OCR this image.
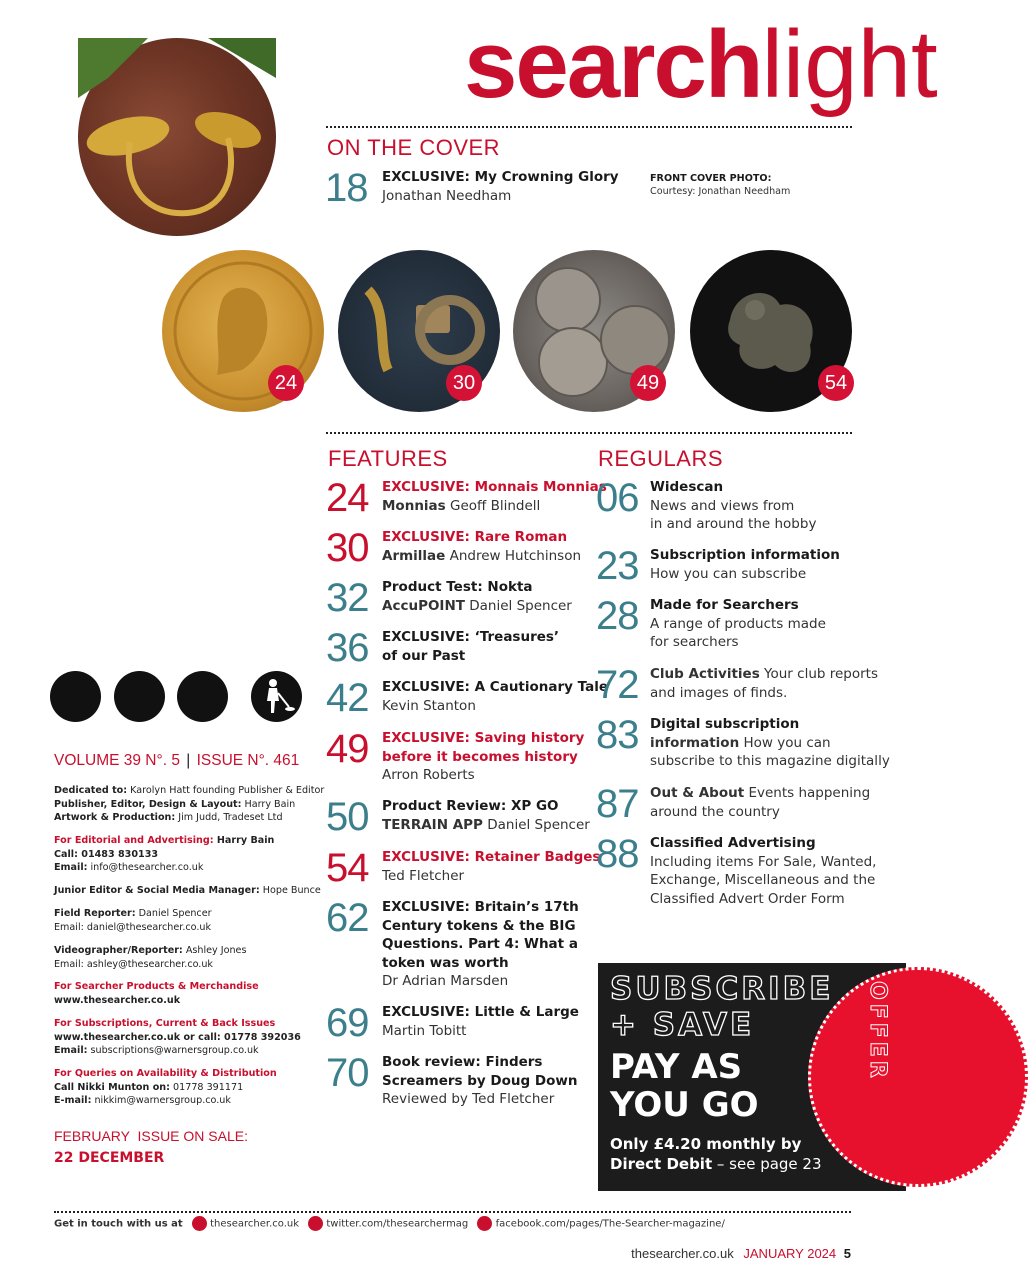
searchlight
ON THE COVER
18 EXCLUSIVE: My Crowning Glory
Jonathan Needham
FRONT COVER PHOTO:
Courtesy: Jonathan Needham
24	30	49	54
FEATURES
24 EXCLUSIVE: Monnais Monnias
Monnias Geoff Blindell
30 EXCLUSIVE: Rare Roman
Armillae Andrew Hutchinson
32 Product Test: Nokta
AccuPOINT Daniel Spencer
36 EXCLUSIVE: ‘Treasures’
of our Past
42 EXCLUSIVE: A Cautionary Tale
Kevin Stanton
49 EXCLUSIVE: Saving history
before it becomes history
Arron Roberts
50 Product Review: XP GO
TERRAIN APP Daniel Spencer
54 EXCLUSIVE: Retainer Badges
Ted Fletcher
62 EXCLUSIVE: Britain’s 17th
Century tokens & the BIG
Questions. Part 4: What a
token was worth
Dr Adrian Marsden
69 EXCLUSIVE: Little & Large
Martin Tobitt
70 Book review: Finders
Screamers by Doug Down
Reviewed by Ted Fletcher
REGULARS
06 Widescan
News and views from
in and around the hobby
23 Subscription information
How you can subscribe
28 Made for Searchers
A range of products made
for searchers
72 Club Activities Your club reports
and images of finds.
83 Digital subscription
information How you can
subscribe to this magazine digitally
87 Out & About Events happening
around the country
88 Classified Advertising
Including items For Sale, Wanted,
Exchange, Miscellaneous and the
Classified Advert Order Form
VOLUME 39 N°. 5 | ISSUE N°. 461
Dedicated to: Karolyn Hatt founding Publisher & Editor
Publisher, Editor, Design & Layout: Harry Bain
Artwork & Production: Jim Judd, Tradeset Ltd
For Editorial and Advertising: Harry Bain
Call: 01483 830133
Email: info@thesearcher.co.uk
Junior Editor & Social Media Manager: Hope Bunce
Field Reporter: Daniel Spencer
Email: daniel@thesearcher.co.uk
Videographer/Reporter: Ashley Jones
Email: ashley@thesearcher.co.uk
For Searcher Products & Merchandise
www.thesearcher.co.uk
For Subscriptions, Current & Back Issues
www.thesearcher.co.uk or call: 01778 392036
Email: subscriptions@warnersgroup.co.uk
For Queries on Availability & Distribution
Call Nikki Munton on: 01778 391171
E-mail: nikkim@warnersgroup.co.uk
FEBRUARY  ISSUE ON SALE:
22 DECEMBER
OFFER
SUBSCRIBE
+ SAVE
PAY AS
YOU GO
Only £4.20 monthly by
Direct Debit – see page 23
Get in touch with us at	thesearcher.co.uk	twitter.com/thesearchermag	facebook.com/pages/The-Searcher-magazine/
thesearcher.co.uk JANUARY 2024 5
